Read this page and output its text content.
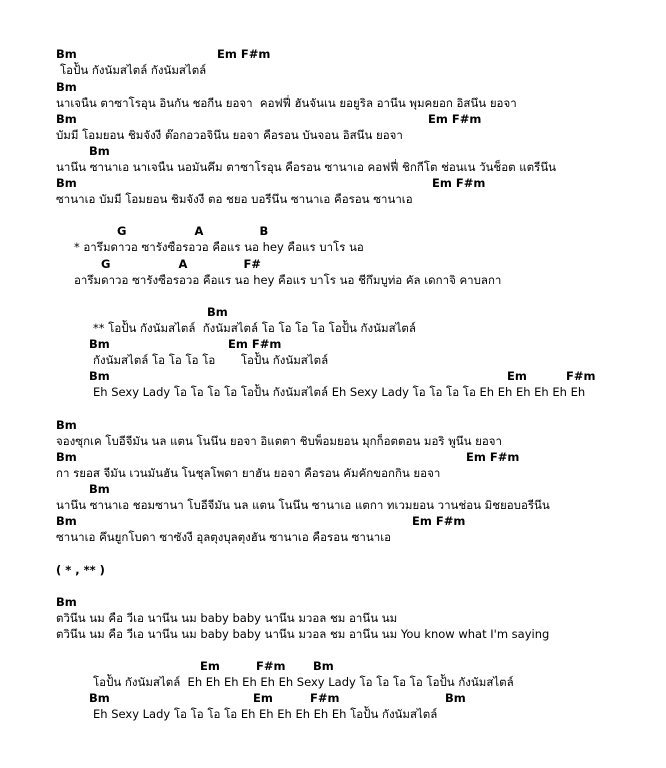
Bm	Em F#m
โอป้ัน กังนัมสไตล์ กังนัมสไตล์
Bm
นาเจนืน ตาซาโรอุน อินกัน ชอกีน ยอจา  คอฟฟี่ ฮันจันเน ยอยูริล อานึน พุมคยอก อิสนึน ยอจา
Bm	Em F#m
บัมมี โอมยอน ชิมจังงี ต๊อกอวอจินึน ยอจา คือรอน บันจอน อิสนึน ยอจา
Bm
นานึน ซานาเอ นาเจนืน นอมันคึม ตาซาโรอุน คือรอน ซานาเอ คอฟฟี่ ชิกกีโต ช่อนเน วันช็อต แตรีนึน
Bm	Em F#m
ซานาเอ บัมมี โอมยอน ชิมจังงี ตอ ชยอ บอรีนึน ซานาเอ คือรอน ซานาเอ
G                 A              B
* อารึมดาวอ ซารังซือรอวอ คือแร นอ hey คือแร บาโร นอ
G                 A              F#
อารึมดาวอ ซารังซือรอวอ คือแร นอ hey คือแร บาโร นอ ชีกึมบูท่อ คัล เดกาจิ คาบลกา
Bm
** โอป้ัน กังนัมสไตล์  กังนัมสไตล์ โอ โอ โอ โอ โอป้ัน กังนัมสไตล์
Bm	Em F#m
กังนัมสไตล์ โอ โอ โอ โอ       โอป้ัน กังนัมสไตล์
Bm	Em	F#m
Eh Sexy Lady โอ โอ โอ โอ โอป้ัน กังนัมสไตล์ Eh Sexy Lady โอ โอ โอ โอ Eh Eh Eh Eh Eh Eh
Bm
จองซุกเค โบอีจีมัน นล แตน โนนึน ยอจา อิแตตา ชิบพ็อมยอน มุกก็อตตอน มอริ พูนึน ยอจา
Bm	Em F#m
กา รยอส จีมัน เวนมันฮัน โนชุลโพดา ยาฮัน ยอจา คือรอน คัมคักขอกกิน ยอจา
Bm
นานึน ซานาเอ ชอมซานา โบอีจีมัน นล แตน โนนึน ซานาเอ แตกา ทเวมยอน วานช่อน มิชยอบอรีนึน
Bm	Em F#m
ซานาเอ คึนยูกโบดา ซาซังงี อุลตุงบุลตุงฮัน ซานาเอ คือรอน ซานาเอ
( * , ** )
Bm
ตวินึน นม คือ วีเอ นานึน นม baby baby นานึน มวอล ชม อานึน นม
ตวินึน นม คือ วีเอ นานึน นม baby baby นานึน มวอล ชม อานึน นม You know what I'm saying
Em	F#m Bm
โอป้ัน กังนัมสไตล์  Eh Eh Eh Eh Eh Eh Sexy Lady โอ โอ โอ โอ โอป้ัน กังนัมสไตล์
Bm	Em	F#m	Bm
Eh Sexy Lady โอ โอ โอ โอ Eh Eh Eh Eh Eh Eh โอป้ัน กังนัมสไตล์
